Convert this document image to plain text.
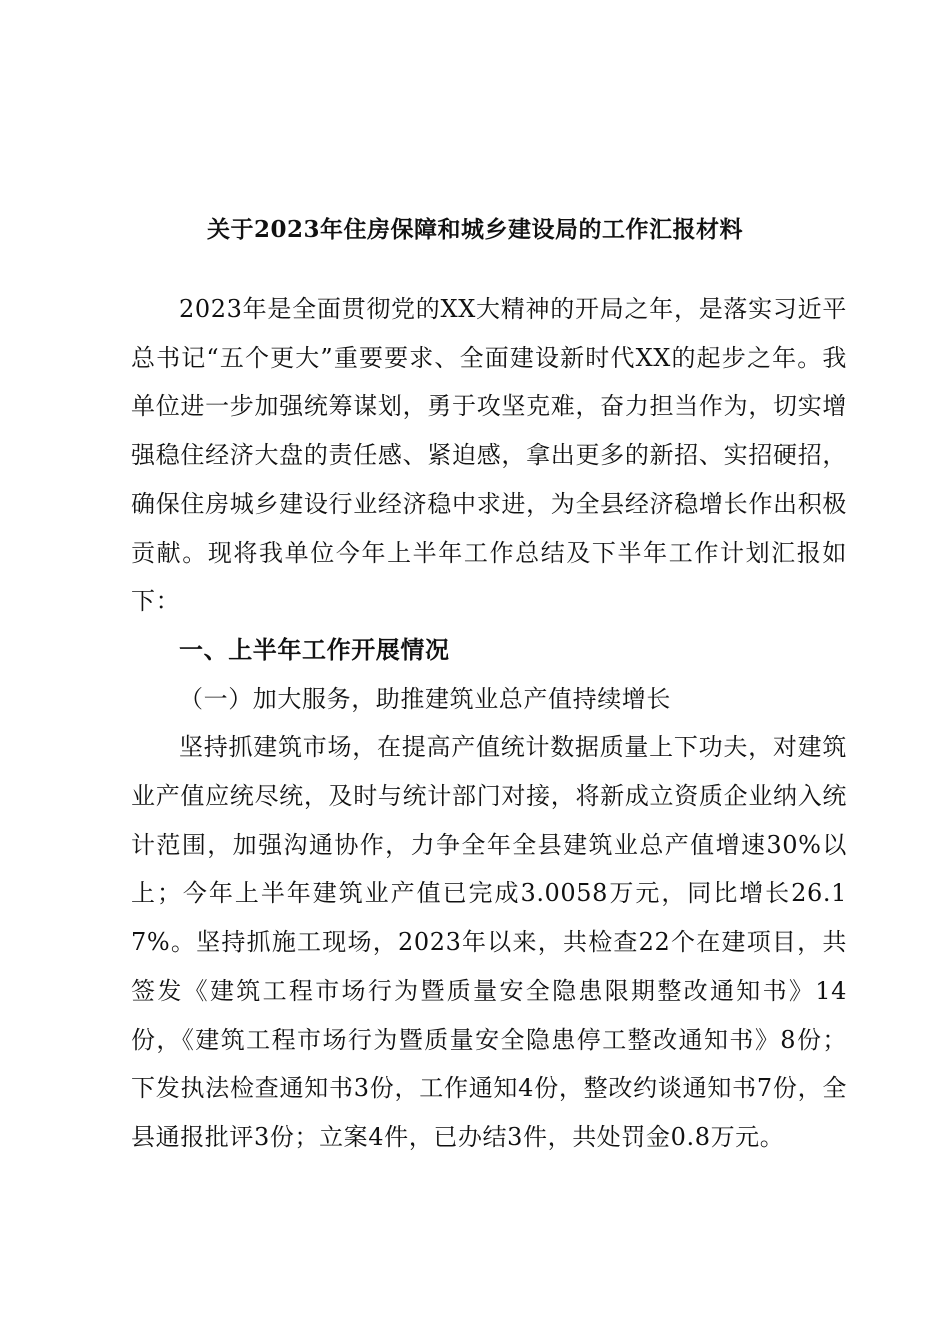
关于2023年住房保障和城乡建设局的工作汇报材料

2023年是全面贯彻党的XX大精神的开局之年，是落实习近平总书记“五个更大”重要要求、全面建设新时代XX的起步之年。我单位进一步加强统筹谋划，勇于攻坚克难，奋力担当作为，切实增强稳住经济大盘的责任感、紧迫感，拿出更多的新招、实招硬招，确保住房城乡建设行业经济稳中求进，为全县经济稳增长作出积极贡献。现将我单位今年上半年工作总结及下半年工作计划汇报如下：

一、上半年工作开展情况

（一）加大服务，助推建筑业总产值持续增长

坚持抓建筑市场，在提高产值统计数据质量上下功夫，对建筑业产值应统尽统，及时与统计部门对接，将新成立资质企业纳入统计范围，加强沟通协作，力争全年全县建筑业总产值增速30%以上；今年上半年建筑业产值已完成3.0058万元，同比增长26.17%。坚持抓施工现场，2023年以来，共检查22个在建项目，共签发《建筑工程市场行为暨质量安全隐患限期整改通知书》14份，《建筑工程市场行为暨质量安全隐患停工整改通知书》8份；下发执法检查通知书3份，工作通知4份，整改约谈通知书7份，全县通报批评3份；立案4件，已办结3件，共处罚金0.8万元。
